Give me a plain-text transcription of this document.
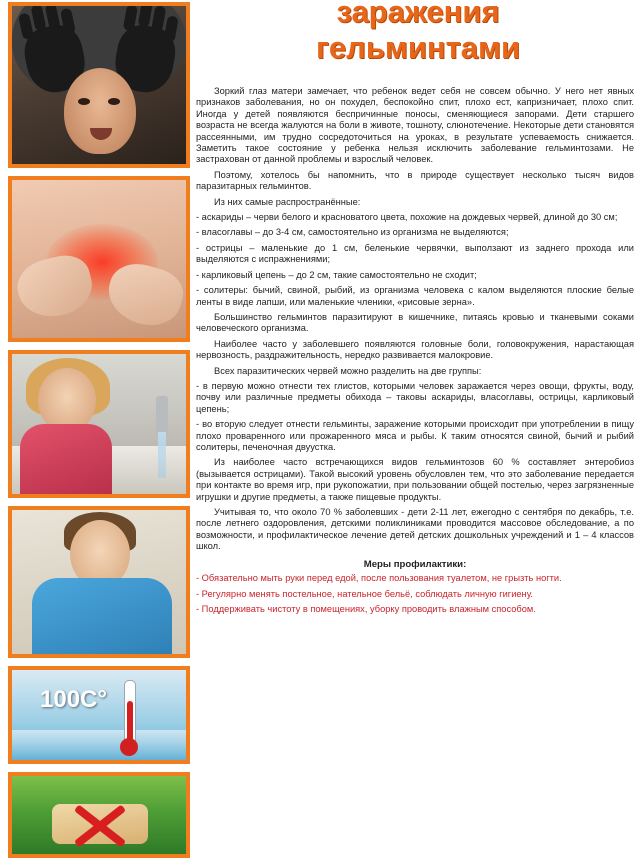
заражения
гельминтами
100С°

Зоркий глаз матери замечает, что ребенок ведет себя не совсем обычно. У него нет явных признаков заболевания, но он похудел, беспокойно спит, плохо ест, капризничает, плохо спит. Иногда у детей появляются беспричинные поносы, сменяющиеся запорами. Дети старшего возраста не всегда жалуются на боли в животе, тошноту, слюнотечение. Некоторые дети становятся рассеянными, им трудно сосредоточиться на уроках, в результате успеваемость снижается. Заметить такое состояние у ребенка нельзя исключить заболевание гельминтозами. Не застрахован от данной проблемы и взрослый человек.

Поэтому, хотелось бы напомнить, что в природе существует несколько тысяч видов паразитарных гельминтов.

Из них самые распространённые:

- аскариды – черви белого и красноватого цвета, похожие на дождевых червей, длиной до 30 см;

- власоглавы – до 3-4 см, самостоятельно из организма не выделяются;

- острицы – маленькие до 1 см, беленькие червячки, выползают из заднего прохода или выделяются с испражнениями;

- карликовый цепень – до 2 см, такие самостоятельно не сходит;

- солитеры: бычий, свиной, рыбий, из организма человека с калом выделяются плоские белые ленты в виде лапши, или маленькие членики, «рисовые зерна».

Большинство гельминтов паразитируют в кишечнике, питаясь кровью и тканевыми соками человеческого организма.

Наиболее часто у заболевшего появляются головные боли, головокружения, нарастающая нервозность, раздражительность, нередко развивается малокровие.

Всех паразитических червей можно разделить на две группы:

- в первую можно отнести тех глистов, которыми человек заражается через овощи, фрукты, воду, почву или различные предметы обихода – таковы аскариды, власоглавы, острицы, карликовый цепень;

- во вторую следует отнести гельминты, заражение которыми происходит при употреблении в пищу плохо проваренного или прожаренного мяса и рыбы. К таким относятся свиной, бычий и рыбий солитеры, печеночная двуустка.

Из наиболее часто встречающихся видов гельминтозов 60 % составляет энтеробиоз (вызывается острицами). Такой высокий уровень обусловлен тем, что это заболевание передается при контакте во время игр, при рукопожатии, при пользовании общей постелью, через загрязненные игрушки и другие предметы, а также пищевые продукты.

Учитывая то, что около 70 % заболевших - дети 2-11 лет, ежегодно с сентября по декабрь, т.е. после летнего оздоровления, детскими поликлиниками проводится массовое обследование, а по возможности, и профилактическое лечение детей детских дошкольных учреждений и 1 – 4 классов школ.

Меры профилактики:

- Обязательно мыть руки перед едой, после пользования туалетом, не грызть ногти.

- Регулярно менять постельное, нательное бельё, соблюдать личную гигиену.

- Поддерживать чистоту в помещениях, уборку проводить влажным способом.
